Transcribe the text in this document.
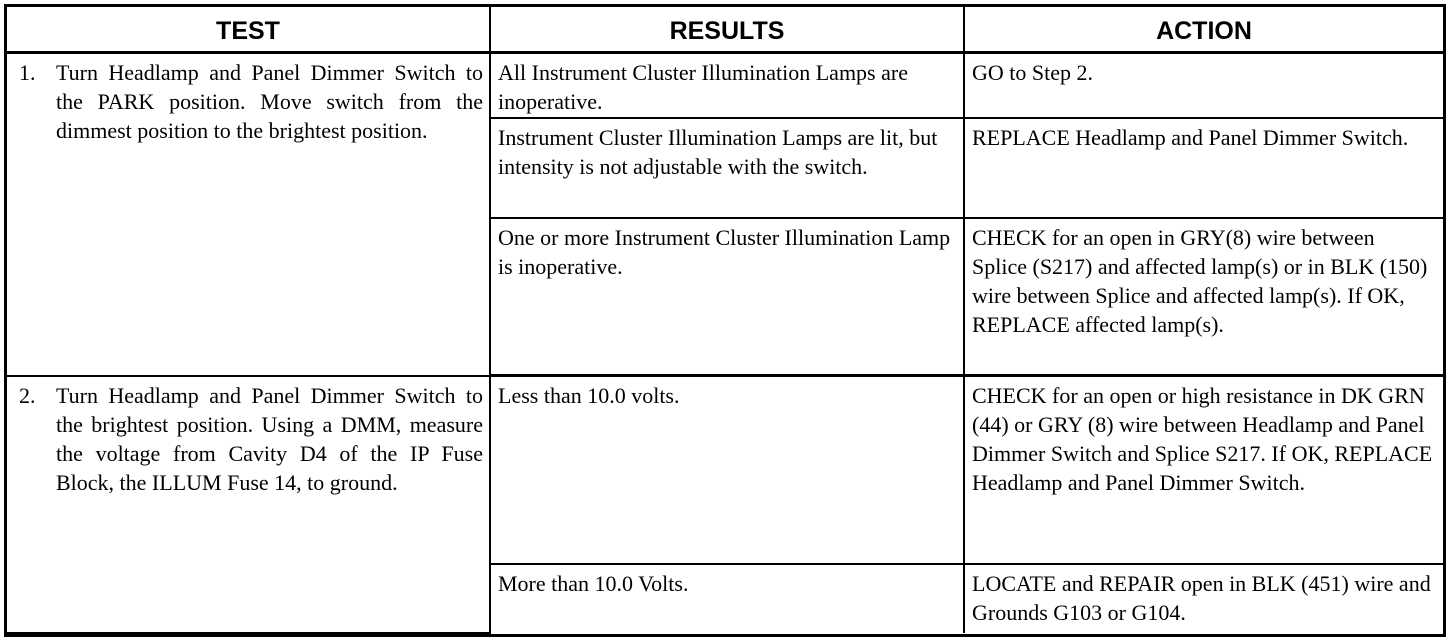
TEST	RESULTS	ACTION

1. Turn Headlamp and Panel Dimmer Switch to the PARK position. Move switch from the dimmest position to the brightest position.	All Instrument Cluster Illumination Lamps are inoperative.	GO to Step 2.
	Instrument Cluster Illumination Lamps are lit, but intensity is not adjustable with the switch.	REPLACE Headlamp and Panel Dimmer Switch.
	One or more Instrument Cluster Illumination Lamp is inoperative.	CHECK for an open in GRY(8) wire between Splice (S217) and affected lamp(s) or in BLK (150) wire between Splice and affected lamp(s). If OK, REPLACE affected lamp(s).

2. Turn Headlamp and Panel Dimmer Switch to the brightest position. Using a DMM, measure the voltage from Cavity D4 of the IP Fuse Block, the ILLUM Fuse 14, to ground.	Less than 10.0 volts.	CHECK for an open or high resistance in DK GRN (44) or GRY (8) wire between Headlamp and Panel Dimmer Switch and Splice S217. If OK, REPLACE Headlamp and Panel Dimmer Switch.
	More than 10.0 Volts.	LOCATE and REPAIR open in BLK (451) wire and Grounds G103 or G104.
